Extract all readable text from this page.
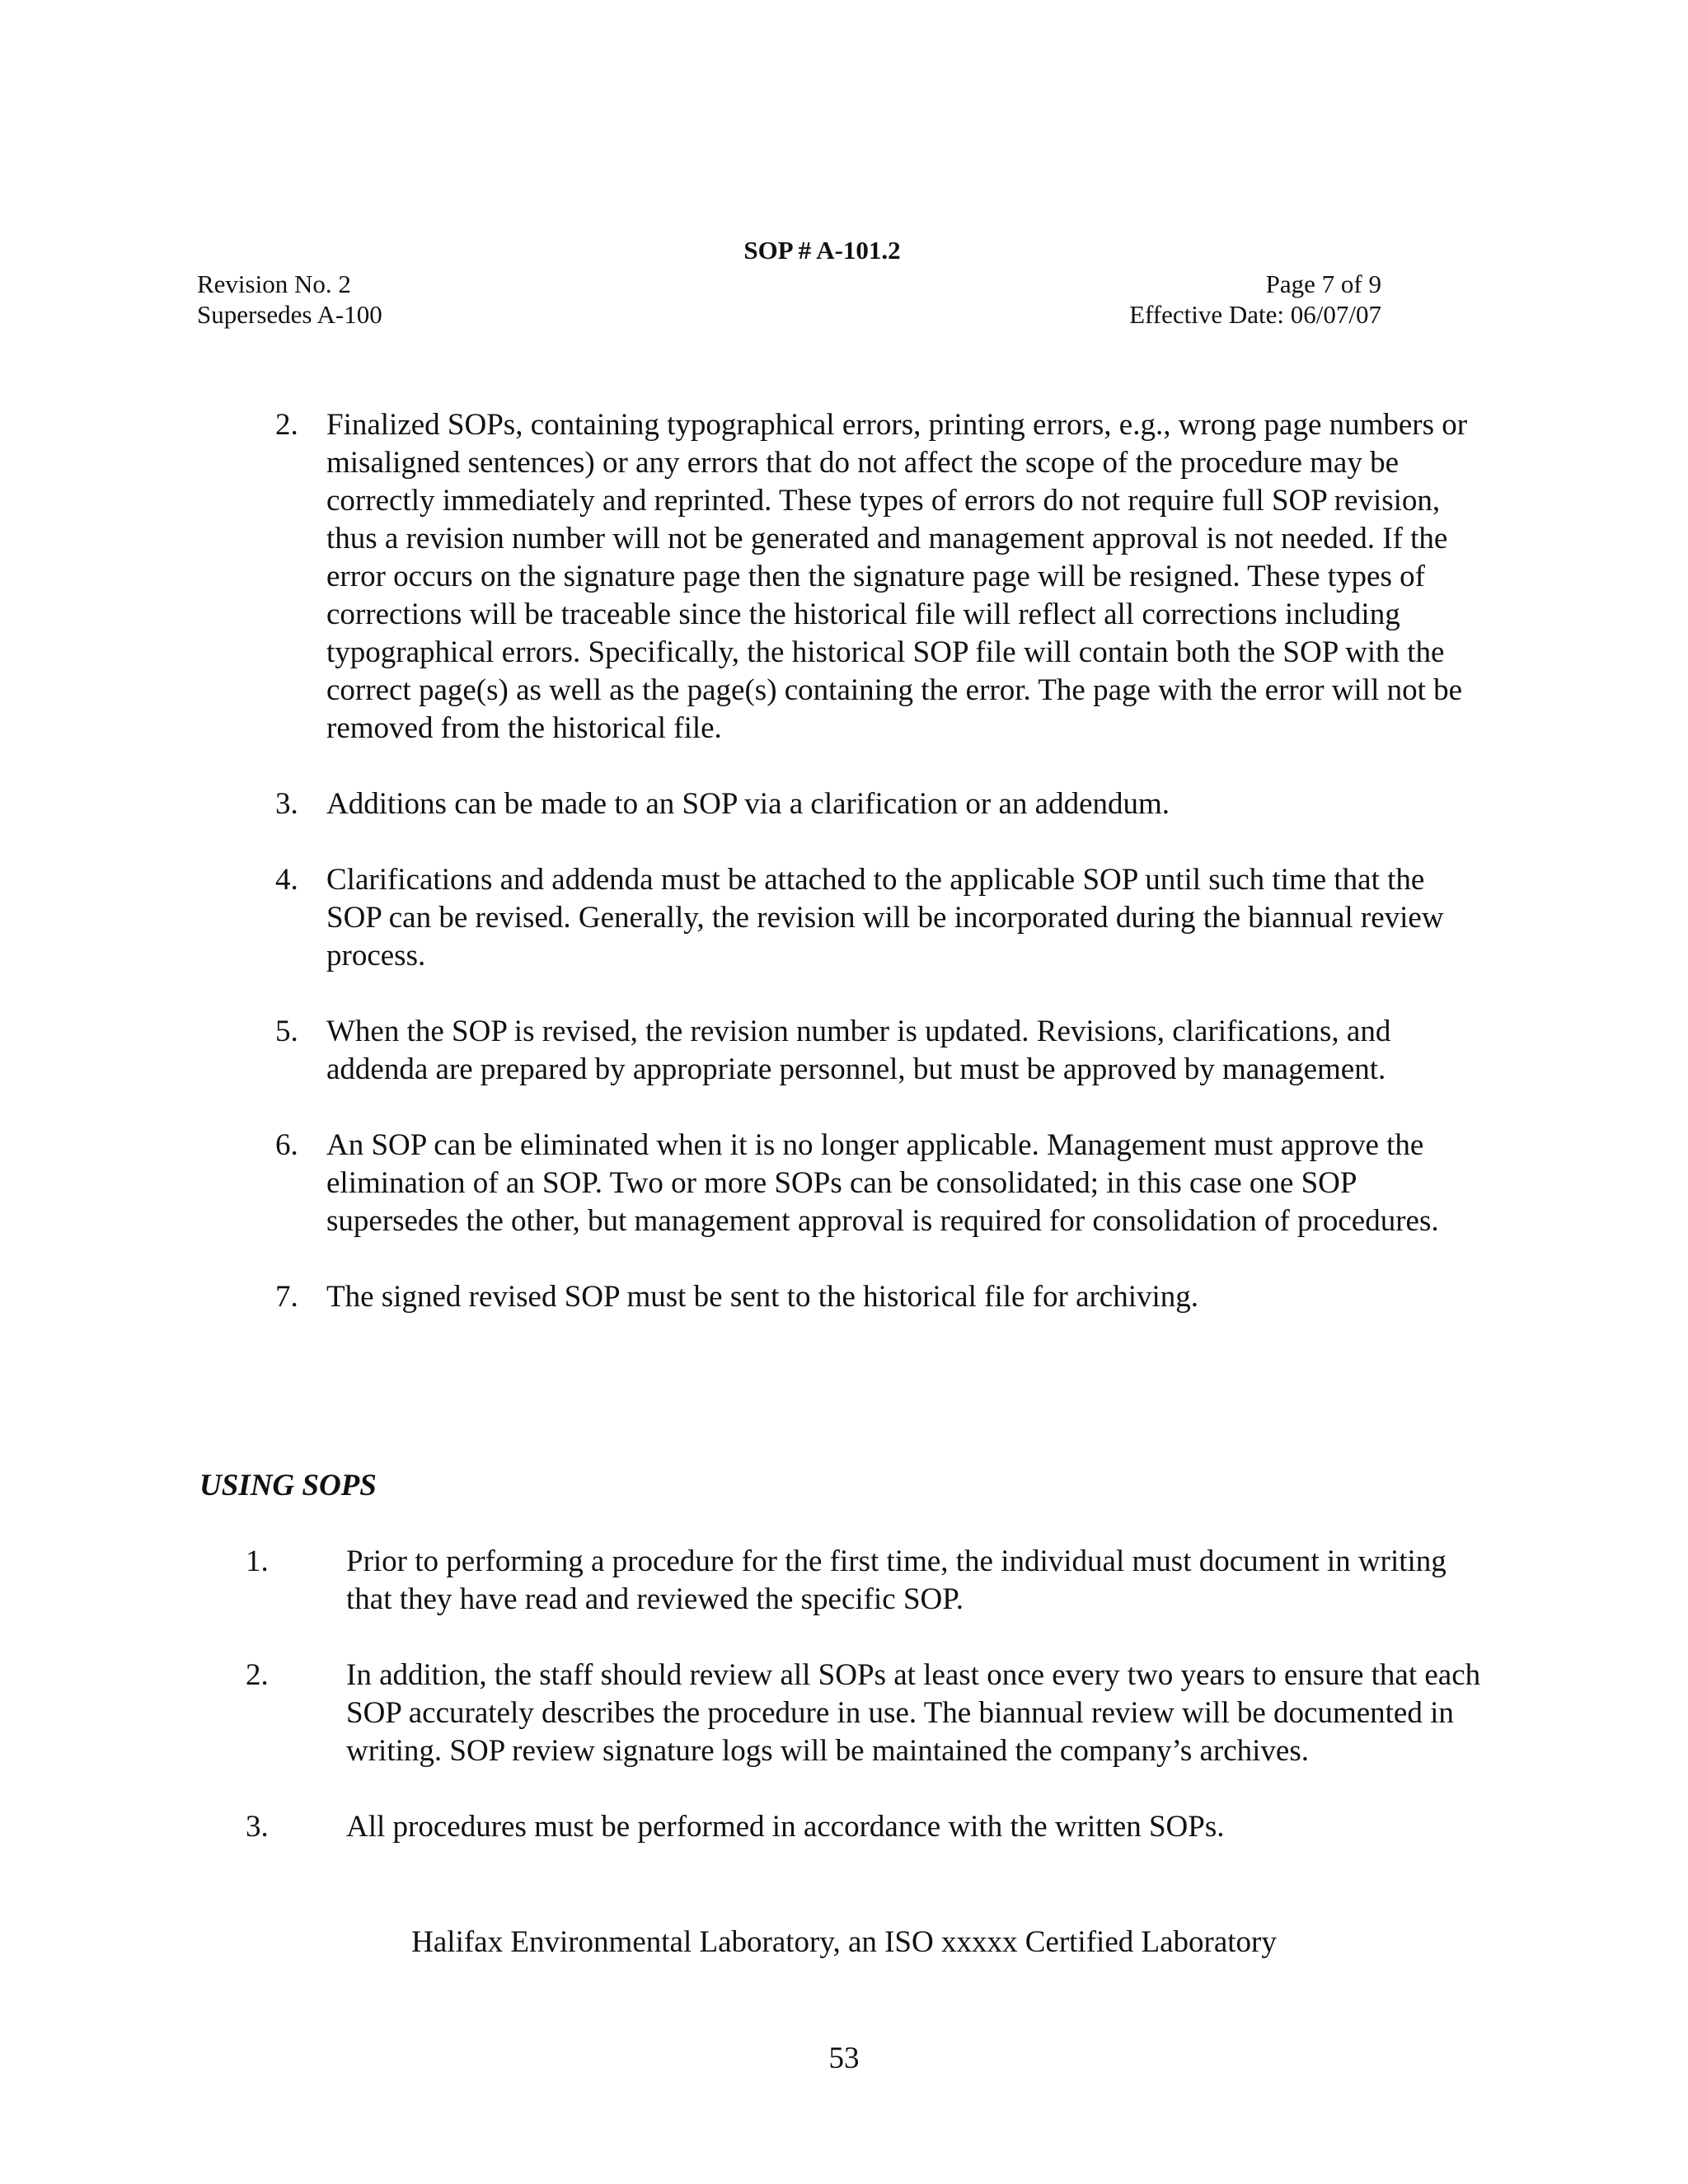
SOP # A-101.2
Revision No. 2	Page 7 of 9
Supersedes A-100	Effective Date: 06/07/07
2. Finalized SOPs, containing typographical errors, printing errors, e.g., wrong page numbers or misaligned sentences) or any errors that do not affect the scope of the procedure may be correctly immediately and reprinted. These types of errors do not require full SOP revision, thus a revision number will not be generated and management approval is not needed. If the error occurs on the signature page then the signature page will be resigned. These types of corrections will be traceable since the historical file will reflect all corrections including typographical errors. Specifically, the historical SOP file will contain both the SOP with the correct page(s) as well as the page(s) containing the error. The page with the error will not be removed from the historical file.
3. Additions can be made to an SOP via a clarification or an addendum.
4. Clarifications and addenda must be attached to the applicable SOP until such time that the SOP can be revised. Generally, the revision will be incorporated during the biannual review process.
5. When the SOP is revised, the revision number is updated. Revisions, clarifications, and addenda are prepared by appropriate personnel, but must be approved by management.
6. An SOP can be eliminated when it is no longer applicable. Management must approve the elimination of an SOP. Two or more SOPs can be consolidated; in this case one SOP supersedes the other, but management approval is required for consolidation of procedures.
7. The signed revised SOP must be sent to the historical file for archiving.
USING SOPS
1.	Prior to performing a procedure for the first time, the individual must document in writing that they have read and reviewed the specific SOP.
2.	In addition, the staff should review all SOPs at least once every two years to ensure that each SOP accurately describes the procedure in use. The biannual review will be documented in writing. SOP review signature logs will be maintained the company’s archives.
3.	All procedures must be performed in accordance with the written SOPs.
Halifax Environmental Laboratory, an ISO xxxxx Certified Laboratory
53
